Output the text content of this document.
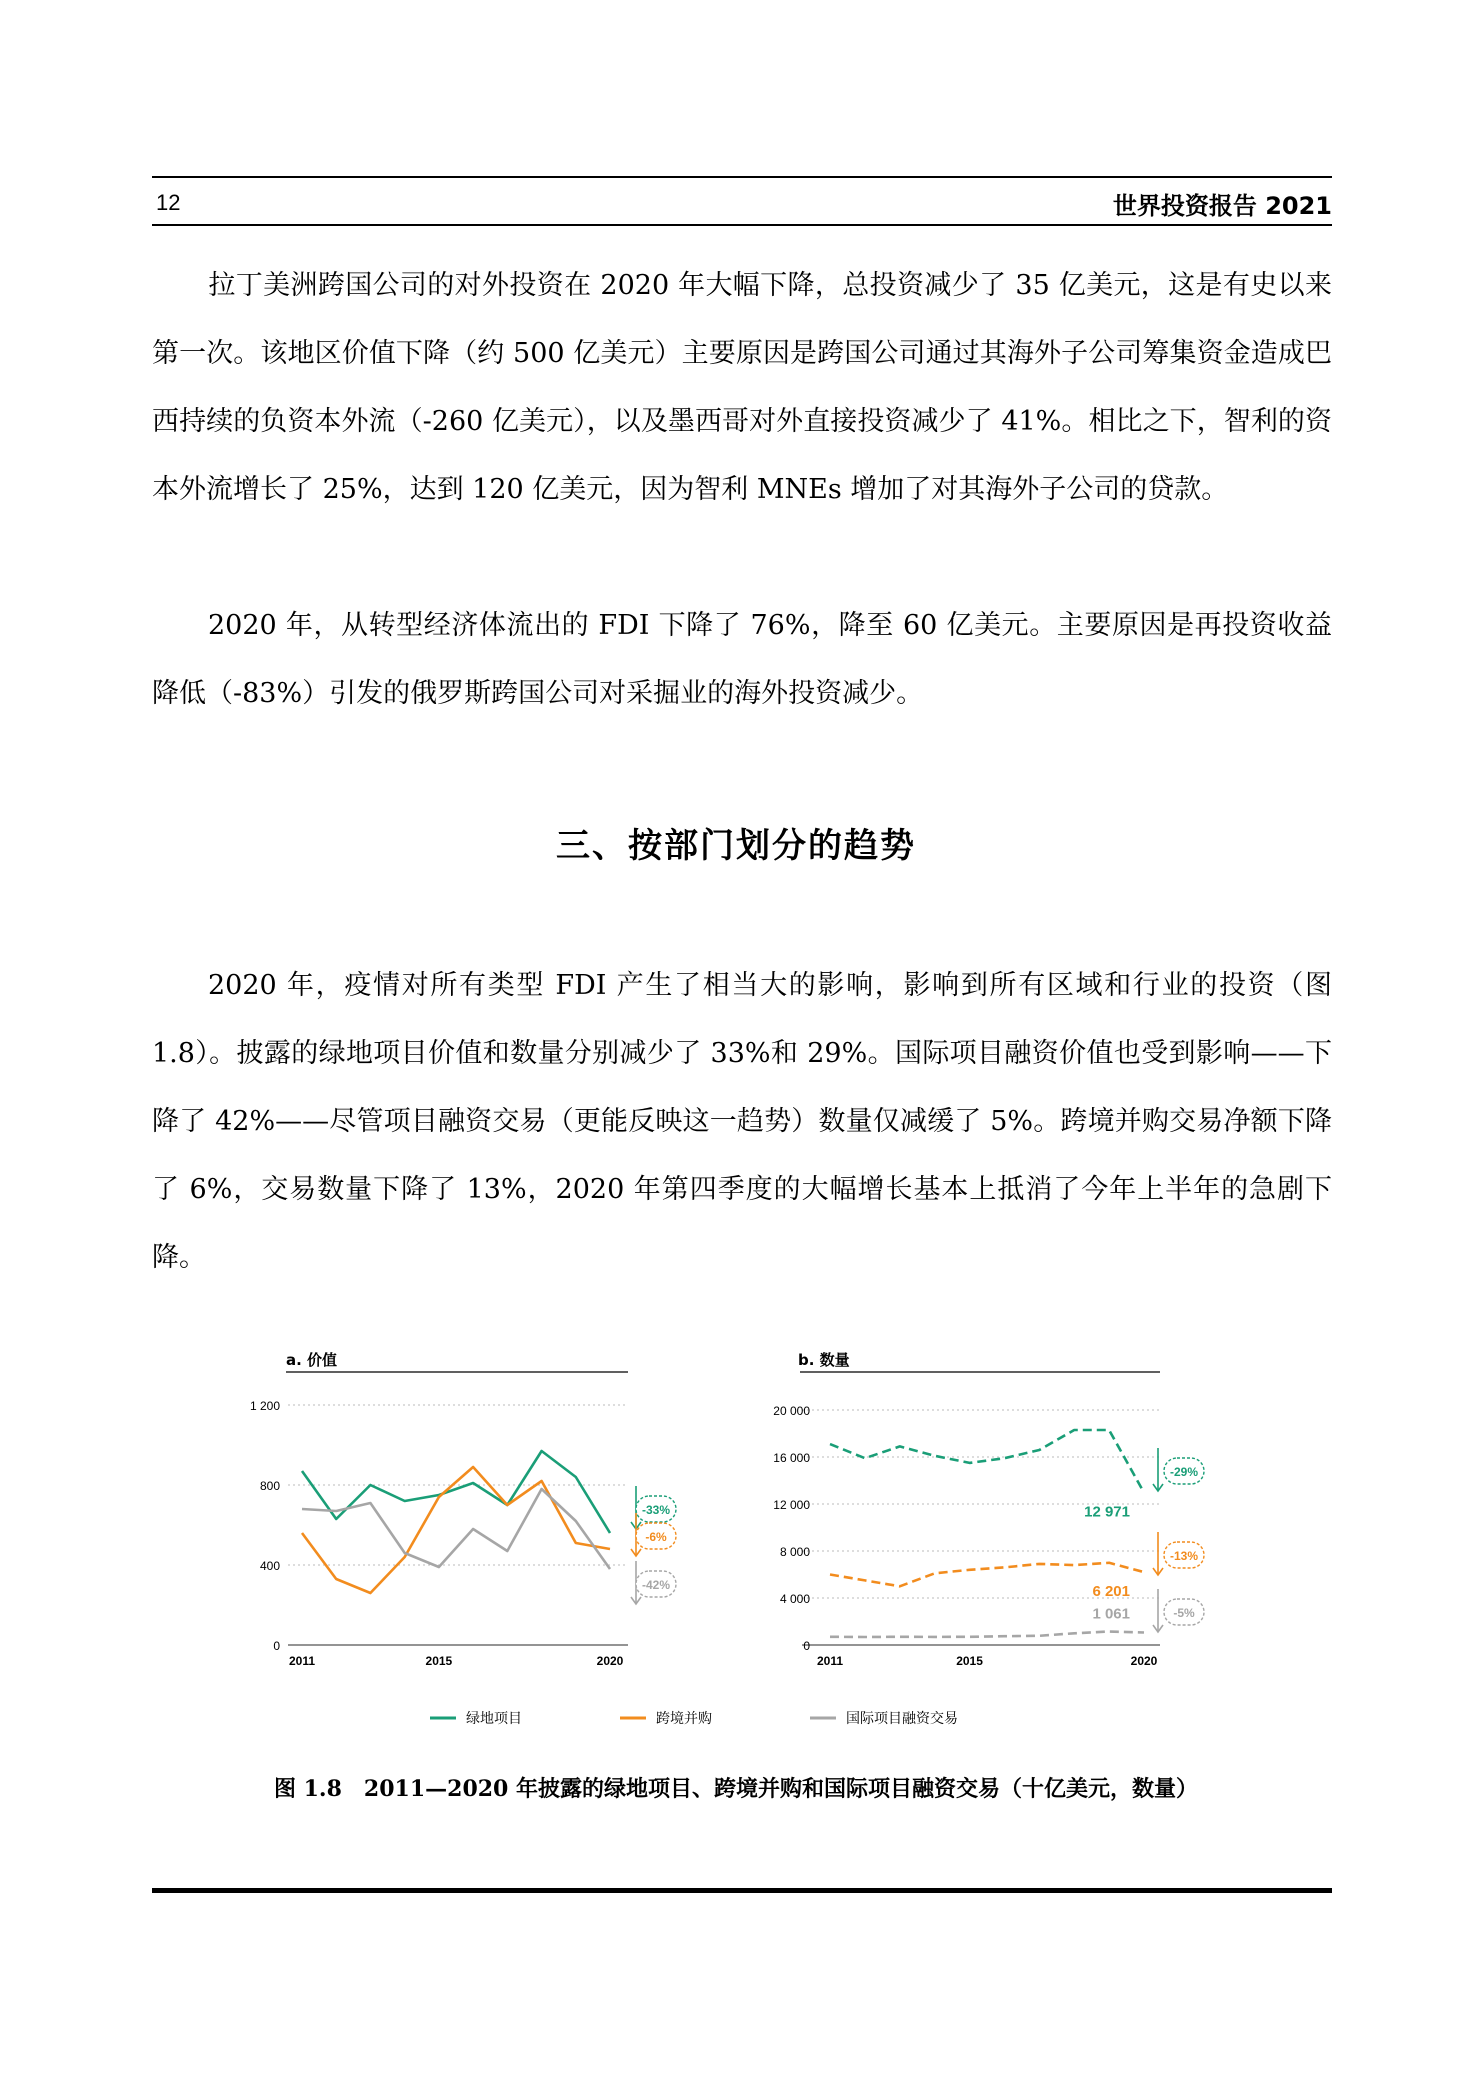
12	世界投资报告 2021

拉丁美洲跨国公司的对外投资在 2020 年大幅下降，总投资减少了 35 亿美元，这是有史以来第一次。该地区价值下降（约 500 亿美元）主要原因是跨国公司通过其海外子公司筹集资金造成巴西持续的负资本外流（-260 亿美元），以及墨西哥对外直接投资减少了 41%。相比之下，智利的资本外流增长了 25%，达到 120 亿美元，因为智利 MNEs 增加了对其海外子公司的贷款。

2020 年，从转型经济体流出的 FDI 下降了 76%，降至 60 亿美元。主要原因是再投资收益降低（-83%）引发的俄罗斯跨国公司对采掘业的海外投资减少。

三、按部门划分的趋势

2020 年，疫情对所有类型 FDI 产生了相当大的影响，影响到所有区域和行业的投资（图 1.8）。披露的绿地项目价值和数量分别减少了 33%和 29%。国际项目融资价值也受到影响——下降了 42%——尽管项目融资交易（更能反映这一趋势）数量仅减缓了 5%。跨境并购交易净额下降了 6%，交易数量下降了 13%，2020 年第四季度的大幅增长基本上抵消了今年上半年的急剧下降。

a. 价值
0
400
800
1 200
2011	2015	2020
-33%
-6%
-42%
b. 数量
0
4 000
8 000
12 000
16 000
20 000
2011	2015	2020
12 971
-29%
6 201
-13%
1 061	-5%
绿地项目	跨境并购	国际项目融资交易
图 1.8　2011—2020 年披露的绿地项目、跨境并购和国际项目融资交易（十亿美元，数量）
